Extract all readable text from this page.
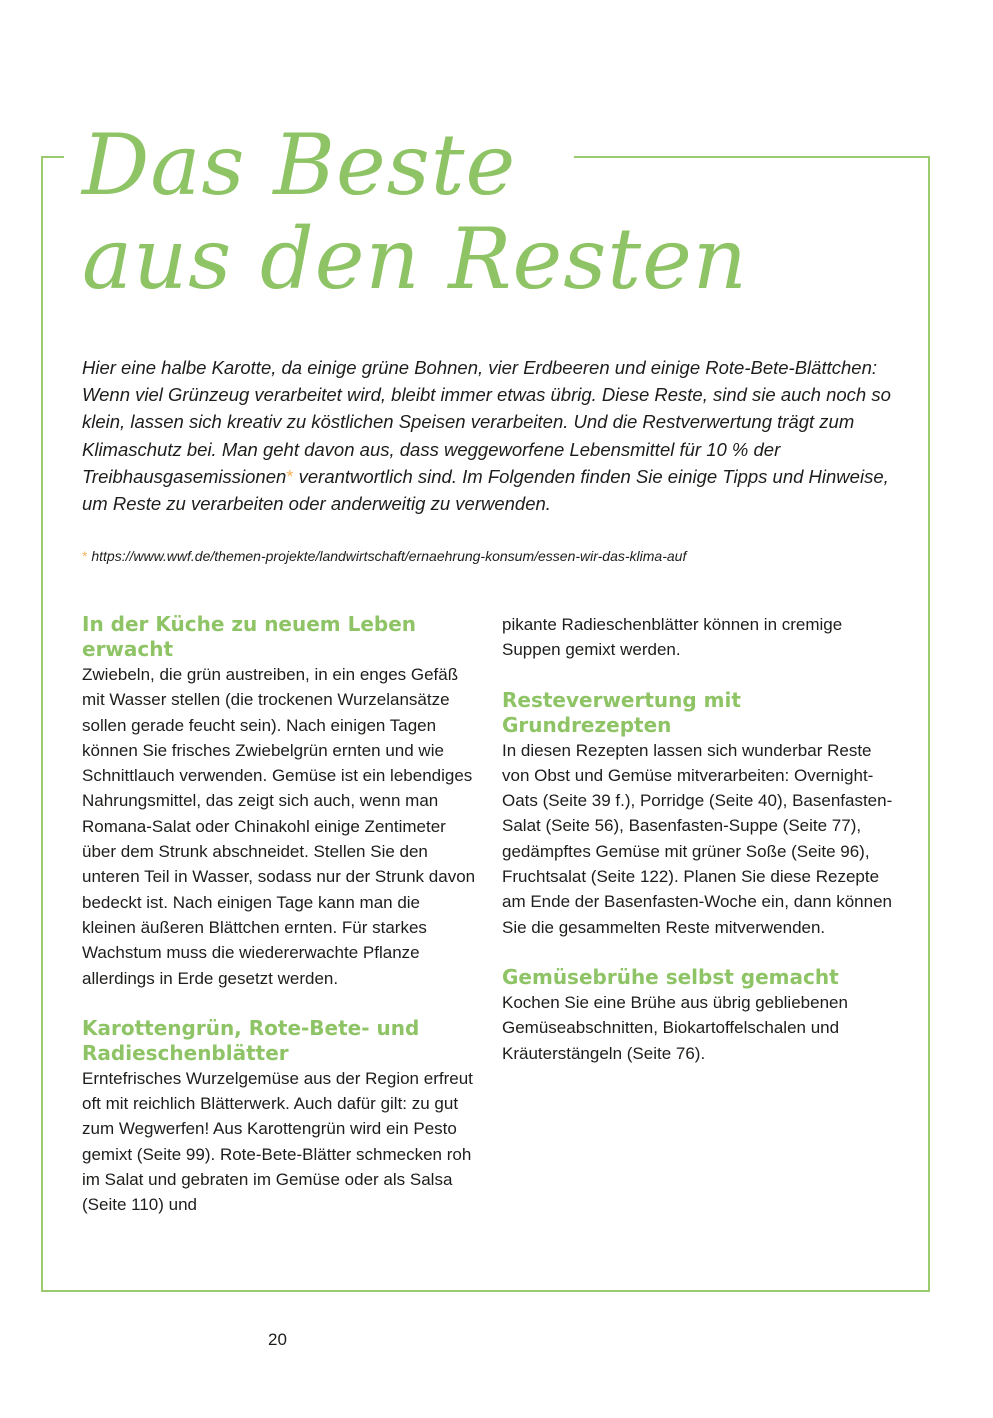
Das Beste
aus den Resten

Hier eine halbe Karotte, da einige grüne Bohnen, vier Erdbeeren und einige Rote-Bete-Blättchen: Wenn viel Grünzeug verarbeitet wird, bleibt immer etwas übrig. Diese Reste, sind sie auch noch so klein, lassen sich kreativ zu köstlichen Speisen verarbeiten. Und die Restverwertung trägt zum Klimaschutz bei. Man geht davon aus, dass weggeworfene Lebensmittel für 10 % der Treibhausgasemissionen* verantwortlich sind. Im Folgenden finden Sie einige Tipps und Hinweise, um Reste zu verarbeiten oder anderweitig zu verwenden.

* https://www.wwf.de/themen-projekte/landwirtschaft/ernaehrung-konsum/essen-wir-das-klima-auf

In der Küche zu neuem Leben erwacht

Zwiebeln, die grün austreiben, in ein enges Gefäß mit Wasser stellen (die trockenen Wurzelansätze sollen gerade feucht sein). Nach einigen Tagen können Sie frisches Zwiebelgrün ernten und wie Schnittlauch verwenden. Gemüse ist ein lebendiges Nahrungsmittel, das zeigt sich auch, wenn man Romana-Salat oder Chinakohl einige Zentimeter über dem Strunk abschneidet. Stellen Sie den unteren Teil in Wasser, sodass nur der Strunk davon bedeckt ist. Nach einigen Tage kann man die kleinen äußeren Blättchen ernten. Für starkes Wachstum muss die wiedererwachte Pflanze allerdings in Erde gesetzt werden.

Karottengrün, Rote-Bete- und Radieschenblätter

Erntefrisches Wurzelgemüse aus der Region erfreut oft mit reichlich Blätterwerk. Auch dafür gilt: zu gut zum Wegwerfen! Aus Karottengrün wird ein Pesto gemixt (Seite 99). Rote-Bete-Blätter schmecken roh im Salat und gebraten im Gemüse oder als Salsa (Seite 110) und

pikante Radieschenblätter können in cremige Suppen gemixt werden.

Resteverwertung mit Grundrezepten

In diesen Rezepten lassen sich wunderbar Reste von Obst und Gemüse mitverarbeiten: Overnight-Oats (Seite 39 f.), Porridge (Seite 40), Basenfasten-Salat (Seite 56), Basenfasten-Suppe (Seite 77), gedämpftes Gemüse mit grüner Soße (Seite 96), Fruchtsalat (Seite 122). Planen Sie diese Rezepte am Ende der Basenfasten-Woche ein, dann können Sie die gesammelten Reste mitverwenden.

Gemüsebrühe selbst gemacht

Kochen Sie eine Brühe aus übrig gebliebenen Gemüseabschnitten, Biokartoffelschalen und Kräuterstängeln (Seite 76).

20
